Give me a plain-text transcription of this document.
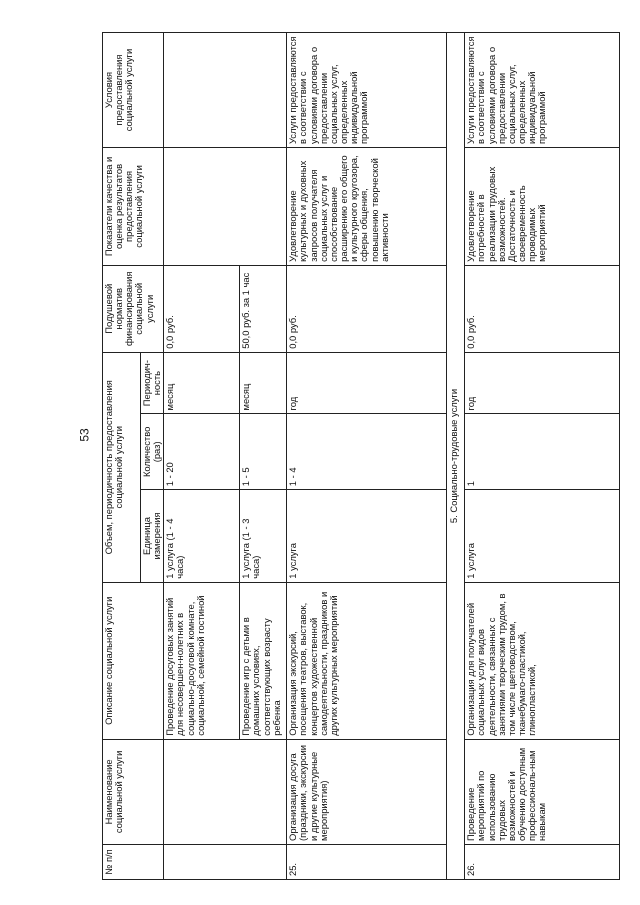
53
№ п/п	Наименование социальной услуги	Описание социальной услуги	Объем, периодичность предоставления социальной услуги			Подушевой норматив финансирования социальной услуги	Показатели качества и оценка результатов предоставления социальной услуги	Условия предоставления социальной услуги
			Единица измерения	Количество (раз)	Периодич-ность			
		Проведение досуговых занятий для несовершен-нолетних в социально-досуговой комнате, социальной, семейной гостиной	1 услуга (1 - 4 часа)	1 - 20	месяц	0,0 руб.		
		Проведение игр с детьми в домашних условиях, соответствующих возрасту ребенка	1 услуга (1 - 3 часа)	1 - 5	месяц	50,0 руб. за 1 час		
25.	Организация досуга (праздники, экскурсии и другие культурные мероприятия)	Организация экскурсий, посещения театров, выставок, концертов художественной самодеятельности, праздников и других культурных мероприятий	1 услуга	1 - 4	год	0,0 руб.	Удовлетворение культурных и духовных запросов получателя социальных услуг и способствование расширению его общего и культурного кругозора, сферы общения, повышению творческой активности	Услуги предоставляются в соответствии с условиями договора о предоставлении социальных услуг, определенных индивидуальной программой
5. Социально-трудовые услуги								
26.	Проведение мероприятий по использованию трудовых возможностей и обучению доступным профессиональ-ным навыкам	Организация для получателей социальных услуг видов деятельности, связанных с занятиями творческим трудом, в том числе цветоводством, тканебумаго-пластикой, глинопластикой,	1 услуга	1	год	0,0 руб.	Удовлетворение потребностей в реализации трудовых возможностей. Достаточность и своевременность проводимых мероприятий	Услуги предоставляются в соответствии с условиями договора о предоставлении социальных услуг, определенных индивидуальной программой
